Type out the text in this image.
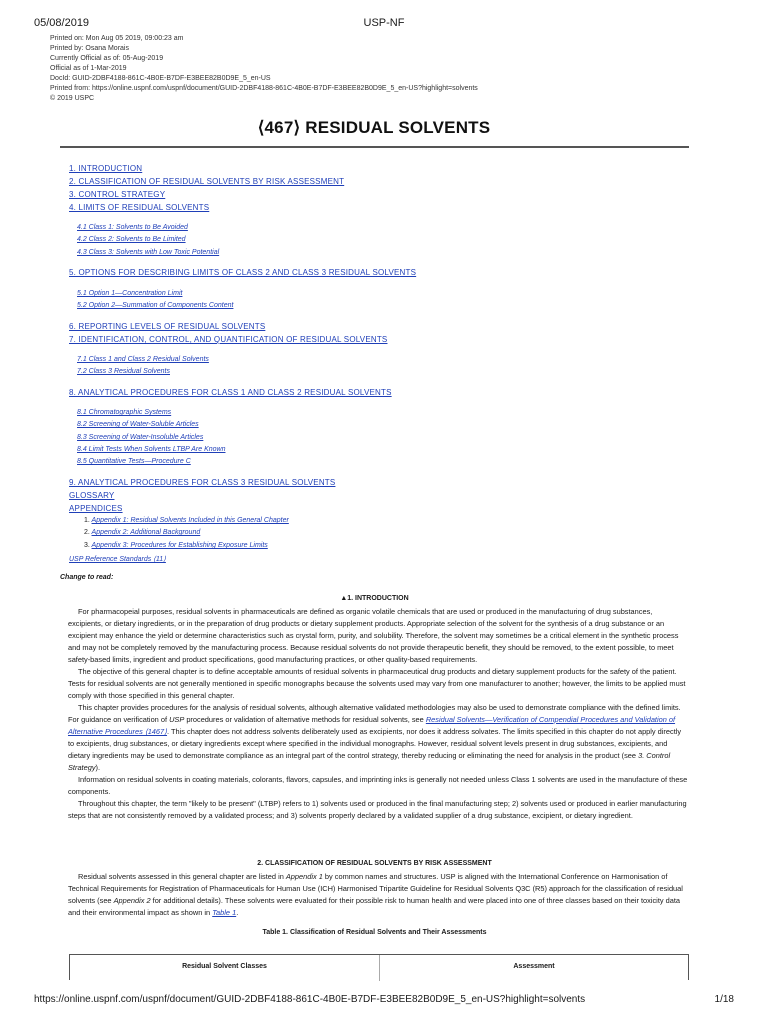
05/08/2019	USP-NF
Printed on: Mon Aug 05 2019, 09:00:23 am
Printed by: Osana Morais
Currently Official as of: 05-Aug-2019
Official as of 1-Mar-2019
DocId: GUID-2DBF4188-861C-4B0E-B7DF-E3BEE82B0D9E_5_en-US
Printed from: https://online.uspnf.com/uspnf/document/GUID-2DBF4188-861C-4B0E-B7DF-E3BEE82B0D9E_5_en-US?highlight=solvents
© 2019 USPC
⟨467⟩ RESIDUAL SOLVENTS
1. INTRODUCTION
2. CLASSIFICATION OF RESIDUAL SOLVENTS BY RISK ASSESSMENT
3. CONTROL STRATEGY
4. LIMITS OF RESIDUAL SOLVENTS
4.1 Class 1: Solvents to Be Avoided
4.2 Class 2: Solvents to Be Limited
4.3 Class 3: Solvents with Low Toxic Potential
5. OPTIONS FOR DESCRIBING LIMITS OF CLASS 2 AND CLASS 3 RESIDUAL SOLVENTS
5.1 Option 1—Concentration Limit
5.2 Option 2—Summation of Components Content
6. REPORTING LEVELS OF RESIDUAL SOLVENTS
7. IDENTIFICATION, CONTROL, AND QUANTIFICATION OF RESIDUAL SOLVENTS
7.1 Class 1 and Class 2 Residual Solvents
7.2 Class 3 Residual Solvents
8. ANALYTICAL PROCEDURES FOR CLASS 1 AND CLASS 2 RESIDUAL SOLVENTS
8.1 Chromatographic Systems
8.2 Screening of Water-Soluble Articles
8.3 Screening of Water-Insoluble Articles
8.4 Limit Tests When Solvents LTBP Are Known
8.5 Quantitative Tests—Procedure C
9. ANALYTICAL PROCEDURES FOR CLASS 3 RESIDUAL SOLVENTS
GLOSSARY
APPENDICES
1. Appendix 1: Residual Solvents Included in this General Chapter
2. Appendix 2: Additional Background
3. Appendix 3: Procedures for Establishing Exposure Limits
USP Reference Standards ⟨11⟩
Change to read:
▲1. INTRODUCTION

For pharmacopeial purposes, residual solvents in pharmaceuticals are defined as organic volatile chemicals that are used or produced in the manufacturing of drug substances, excipients, or dietary ingredients, or in the preparation of drug products or dietary supplement products. Appropriate selection of the solvent for the synthesis of a drug substance or an excipient may enhance the yield or determine characteristics such as crystal form, purity, and solubility. Therefore, the solvent may sometimes be a critical element in the synthetic process and may not be completely removed by the manufacturing process. Because residual solvents do not provide therapeutic benefit, they should be removed, to the extent possible, to meet safety-based limits, ingredient and product specifications, good manufacturing practices, or other quality-based requirements.

The objective of this general chapter is to define acceptable amounts of residual solvents in pharmaceutical drug products and dietary supplement products for the safety of the patient. Tests for residual solvents are not generally mentioned in specific monographs because the solvents used may vary from one manufacturer to another; however, the limits to be applied must comply with those specified in this general chapter.

This chapter provides procedures for the analysis of residual solvents, although alternative validated methodologies may also be used to demonstrate compliance with the defined limits. For guidance on verification of USP procedures or validation of alternative methods for residual solvents, see Residual Solvents—Verification of Compendial Procedures and Validation of Alternative Procedures ⟨1467⟩. This chapter does not address solvents deliberately used as excipients, nor does it address solvates. The limits specified in this chapter do not apply directly to excipients, drug substances, or dietary ingredients except where specified in the individual monographs. However, residual solvent levels present in drug substances, excipients, and dietary ingredients may be used to demonstrate compliance as an integral part of the control strategy, thereby reducing or eliminating the need for analysis in the product (see 3. Control Strategy).

Information on residual solvents in coating materials, colorants, flavors, capsules, and imprinting inks is generally not needed unless Class 1 solvents are used in the manufacture of these components.

Throughout this chapter, the term "likely to be present" (LTBP) refers to 1) solvents used or produced in the final manufacturing step; 2) solvents used or produced in earlier manufacturing steps that are not consistently removed by a validated process; and 3) solvents properly declared by a validated supplier of a drug substance, excipient, or dietary ingredient.

2. CLASSIFICATION OF RESIDUAL SOLVENTS BY RISK ASSESSMENT

Residual solvents assessed in this general chapter are listed in Appendix 1 by common names and structures. USP is aligned with the International Conference on Harmonisation of Technical Requirements for Registration of Pharmaceuticals for Human Use (ICH) Harmonised Tripartite Guideline for Residual Solvents Q3C (R5) approach for the classification of residual solvents (see Appendix 2 for additional details). These solvents were evaluated for their possible risk to human health and were placed into one of three classes based on their toxicity data and their environmental impact as shown in Table 1.

Table 1. Classification of Residual Solvents and Their Assessments
Residual Solvent Classes	Assessment
https://online.uspnf.com/uspnf/document/GUID-2DBF4188-861C-4B0E-B7DF-E3BEE82B0D9E_5_en-US?highlight=solvents	1/18
